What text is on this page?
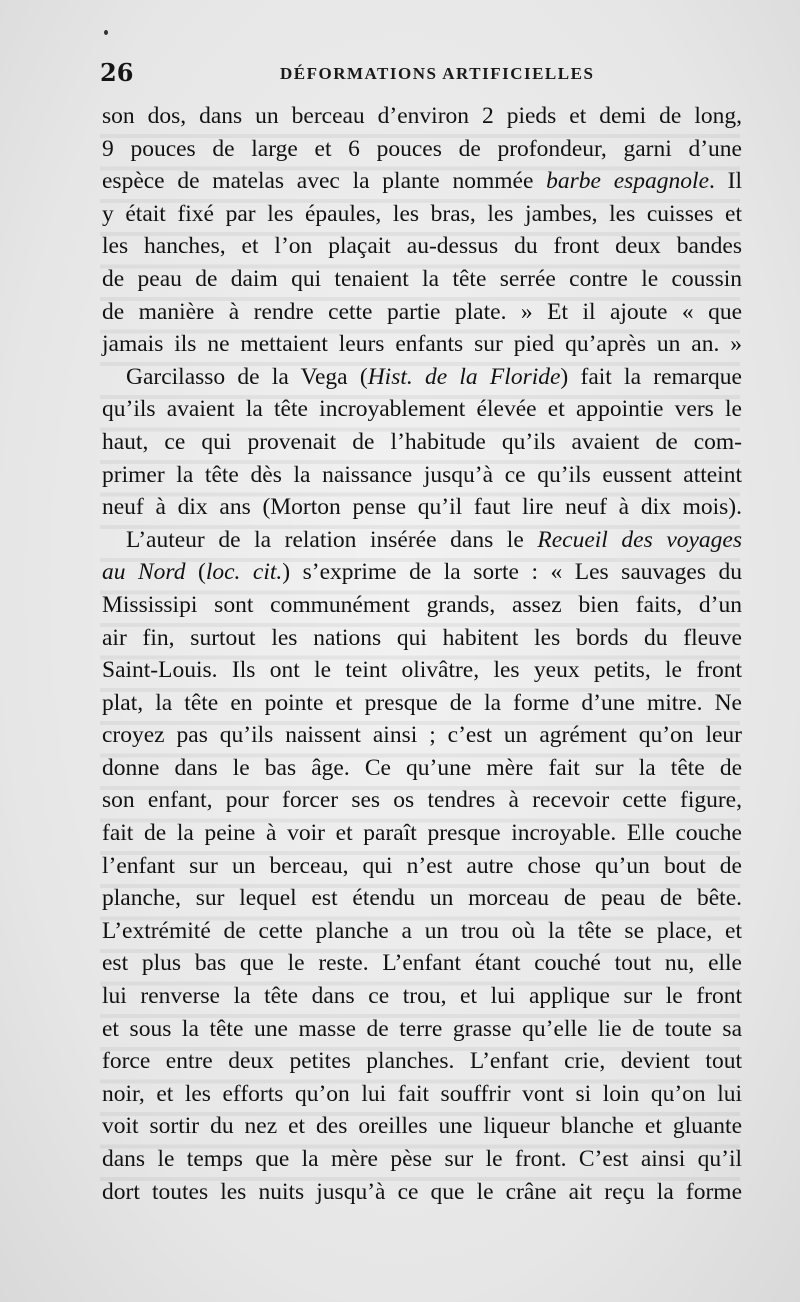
26	DÉFORMATIONS ARTIFICIELLES
son dos, dans un berceau d’environ 2 pieds et demi de long,
9 pouces de large et 6 pouces de profondeur, garni d’une
espèce de matelas avec la plante nommée barbe espagnole. Il
y était fixé par les épaules, les bras, les jambes, les cuisses et
les hanches, et l’on plaçait au-dessus du front deux bandes
de peau de daim qui tenaient la tête serrée contre le coussin
de manière à rendre cette partie plate. » Et il ajoute « que
jamais ils ne mettaient leurs enfants sur pied qu’après un an. »
Garcilasso de la Vega (Hist. de la Floride) fait la remarque
qu’ils avaient la tête incroyablement élevée et appointie vers le
haut, ce qui provenait de l’habitude qu’ils avaient de com-
primer la tête dès la naissance jusqu’à ce qu’ils eussent atteint
neuf à dix ans (Morton pense qu’il faut lire neuf à dix mois).
L’auteur de la relation insérée dans le Recueil des voyages
au Nord (loc. cit.) s’exprime de la sorte : « Les sauvages du
Mississipi sont communément grands, assez bien faits, d’un
air fin, surtout les nations qui habitent les bords du fleuve
Saint-Louis. Ils ont le teint olivâtre, les yeux petits, le front
plat, la tête en pointe et presque de la forme d’une mitre. Ne
croyez pas qu’ils naissent ainsi ; c’est un agrément qu’on leur
donne dans le bas âge. Ce qu’une mère fait sur la tête de
son enfant, pour forcer ses os tendres à recevoir cette figure,
fait de la peine à voir et paraît presque incroyable. Elle couche
l’enfant sur un berceau, qui n’est autre chose qu’un bout de
planche, sur lequel est étendu un morceau de peau de bête.
L’extrémité de cette planche a un trou où la tête se place, et
est plus bas que le reste. L’enfant étant couché tout nu, elle
lui renverse la tête dans ce trou, et lui applique sur le front
et sous la tête une masse de terre grasse qu’elle lie de toute sa
force entre deux petites planches. L’enfant crie, devient tout
noir, et les efforts qu’on lui fait souffrir vont si loin qu’on lui
voit sortir du nez et des oreilles une liqueur blanche et gluante
dans le temps que la mère pèse sur le front. C’est ainsi qu’il
dort toutes les nuits jusqu’à ce que le crâne ait reçu la forme
